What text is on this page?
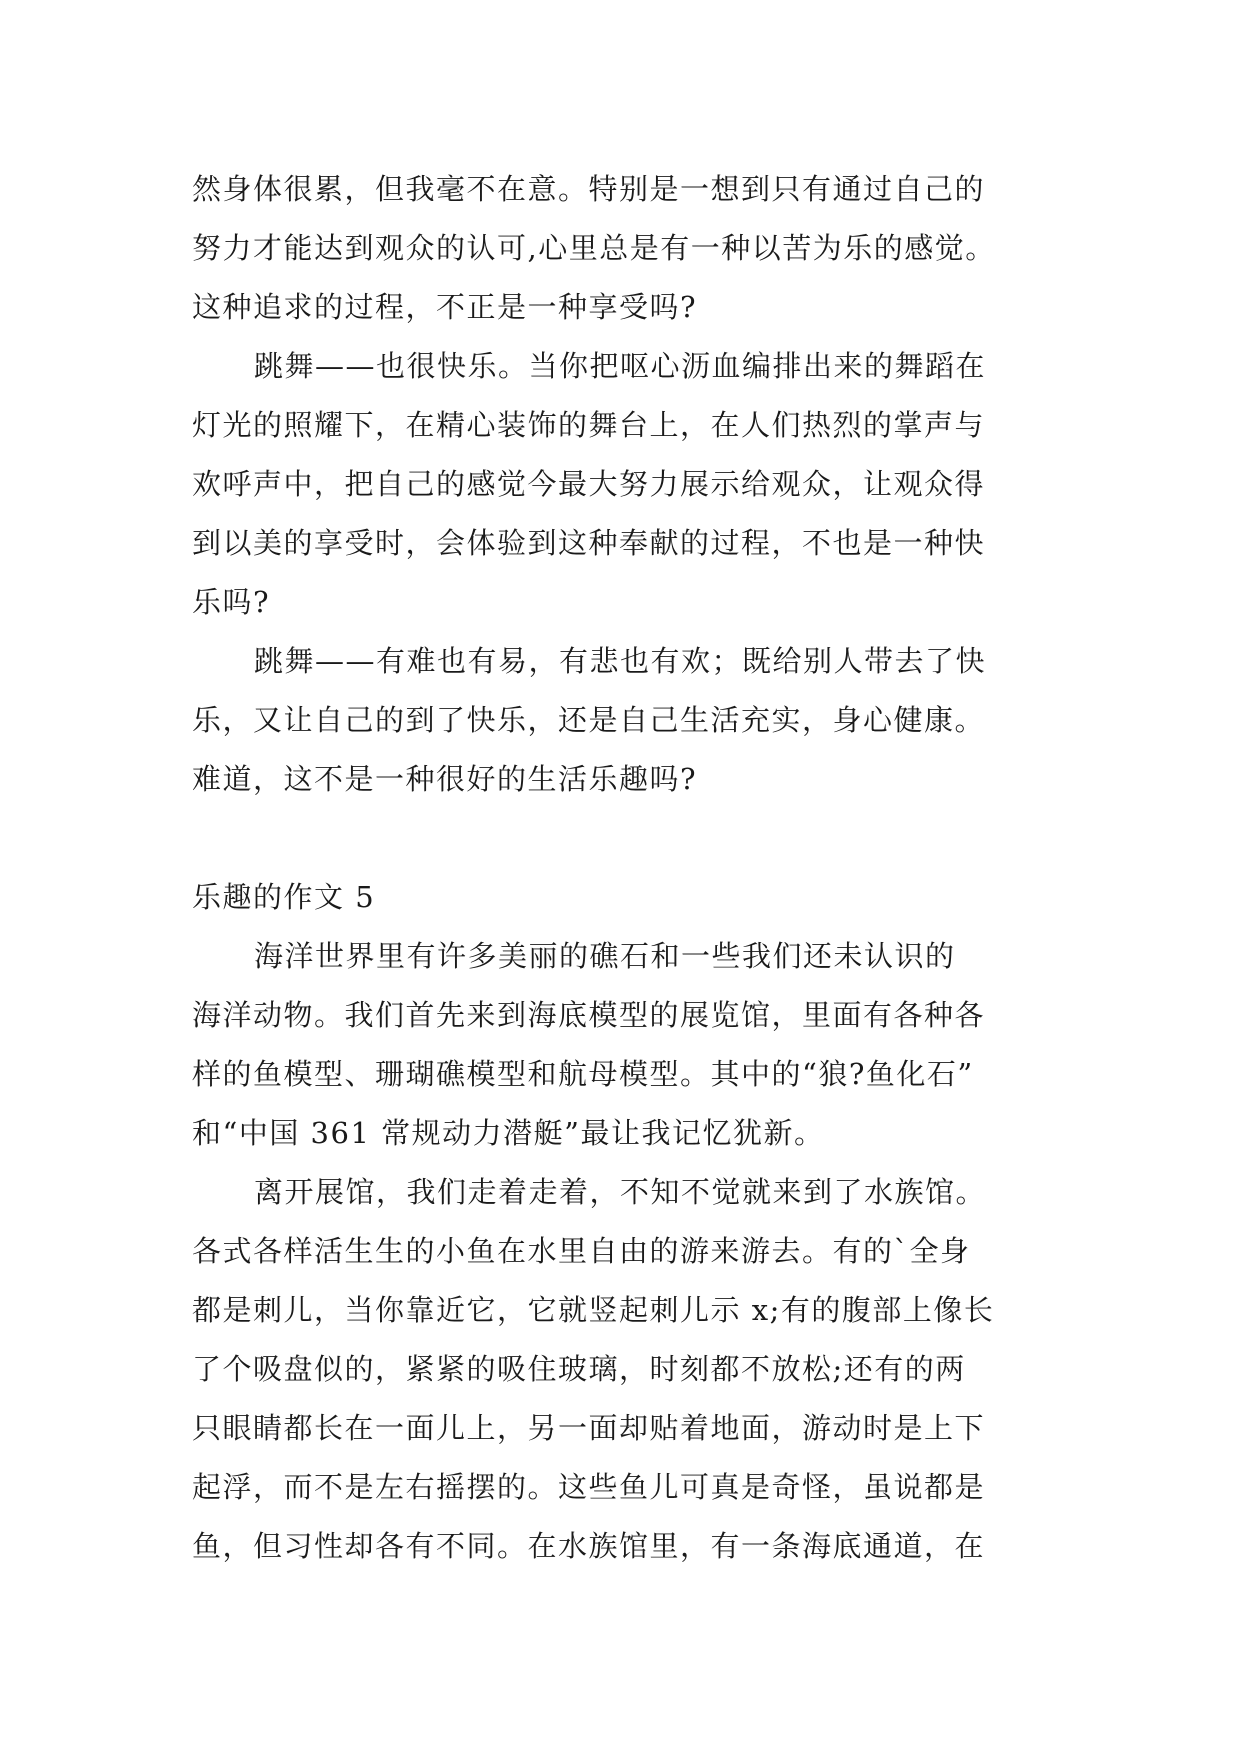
然身体很累，但我毫不在意。特别是一想到只有通过自己的
努力才能达到观众的认可,心里总是有一种以苦为乐的感觉。
这种追求的过程，不正是一种享受吗?
跳舞——也很快乐。当你把呕心沥血编排出来的舞蹈在
灯光的照耀下，在精心装饰的舞台上，在人们热烈的掌声与
欢呼声中，把自己的感觉今最大努力展示给观众，让观众得
到以美的享受时，会体验到这种奉献的过程，不也是一种快
乐吗?
跳舞——有难也有易，有悲也有欢；既给别人带去了快
乐，又让自己的到了快乐，还是自己生活充实，身心健康。
难道，这不是一种很好的生活乐趣吗?
乐趣的作文 5
海洋世界里有许多美丽的礁石和一些我们还未认识的
海洋动物。我们首先来到海底模型的展览馆，里面有各种各
样的鱼模型、珊瑚礁模型和航母模型。其中的“狼?鱼化石”
和“中国 361 常规动力潜艇”最让我记忆犹新。
离开展馆，我们走着走着，不知不觉就来到了水族馆。
各式各样活生生的小鱼在水里自由的游来游去。有的`全身
都是刺儿，当你靠近它，它就竖起刺儿示 x;有的腹部上像长
了个吸盘似的，紧紧的吸住玻璃，时刻都不放松;还有的两
只眼睛都长在一面儿上，另一面却贴着地面，游动时是上下
起浮，而不是左右摇摆的。这些鱼儿可真是奇怪，虽说都是
鱼，但习性却各有不同。在水族馆里，有一条海底通道，在
